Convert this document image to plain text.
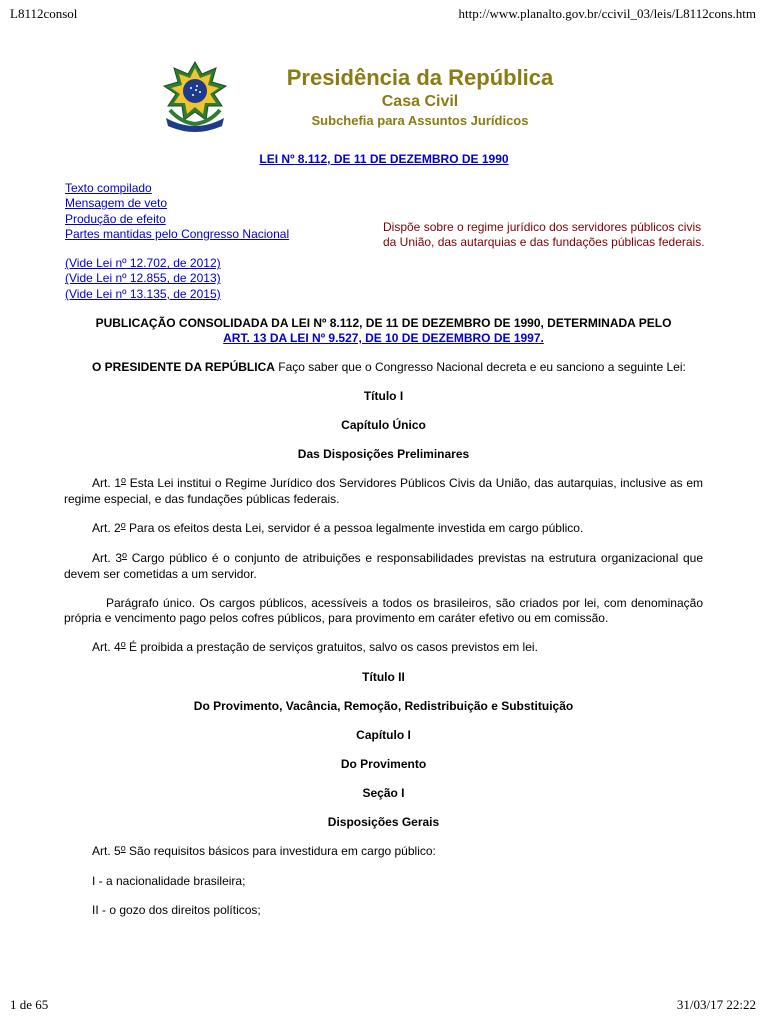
L8112consol	http://www.planalto.gov.br/ccivil_03/leis/L8112cons.htm
Presidência da República
Casa Civil
Subchefia para Assuntos Jurídicos
LEI Nº 8.112, DE 11 DE DEZEMBRO DE 1990
Texto compilado
Mensagem de veto
Produção de efeito
Partes mantidas pelo Congresso Nacional
(Vide Lei nº 12.702, de 2012)
(Vide Lei nº 12.855, de 2013)
(Vide Lei nº 13.135, de 2015)
Dispõe sobre o regime jurídico dos servidores públicos civis da União, das autarquias e das fundações públicas federais.
PUBLICAÇÃO CONSOLIDADA DA LEI Nº 8.112, DE 11 DE DEZEMBRO DE 1990, DETERMINADA PELO
ART. 13 DA LEI Nº 9.527, DE 10 DE DEZEMBRO DE 1997.
O PRESIDENTE DA REPÚBLICA Faço saber que o Congresso Nacional decreta e eu sanciono a seguinte Lei:
Título I
Capítulo Único
Das Disposições Preliminares
Art. 1$^o$ Esta Lei institui o Regime Jurídico dos Servidores Públicos Civis da União, das autarquias, inclusive as em regime especial, e das fundações públicas federais.
Art. 2$^o$ Para os efeitos desta Lei, servidor é a pessoa legalmente investida em cargo público.
Art. 3$^o$ Cargo público é o conjunto de atribuições e responsabilidades previstas na estrutura organizacional que devem ser cometidas a um servidor.
Parágrafo único. Os cargos públicos, acessíveis a todos os brasileiros, são criados por lei, com denominação própria e vencimento pago pelos cofres públicos, para provimento em caráter efetivo ou em comissão.
Art. 4$^o$ É proibida a prestação de serviços gratuitos, salvo os casos previstos em lei.
Título II
Do Provimento, Vacância, Remoção, Redistribuição e Substituição
Capítulo I
Do Provimento
Seção I
Disposições Gerais
Art. 5$^o$ São requisitos básicos para investidura em cargo público:
I - a nacionalidade brasileira;
II - o gozo dos direitos políticos;
1 de 65	31/03/17 22:22
